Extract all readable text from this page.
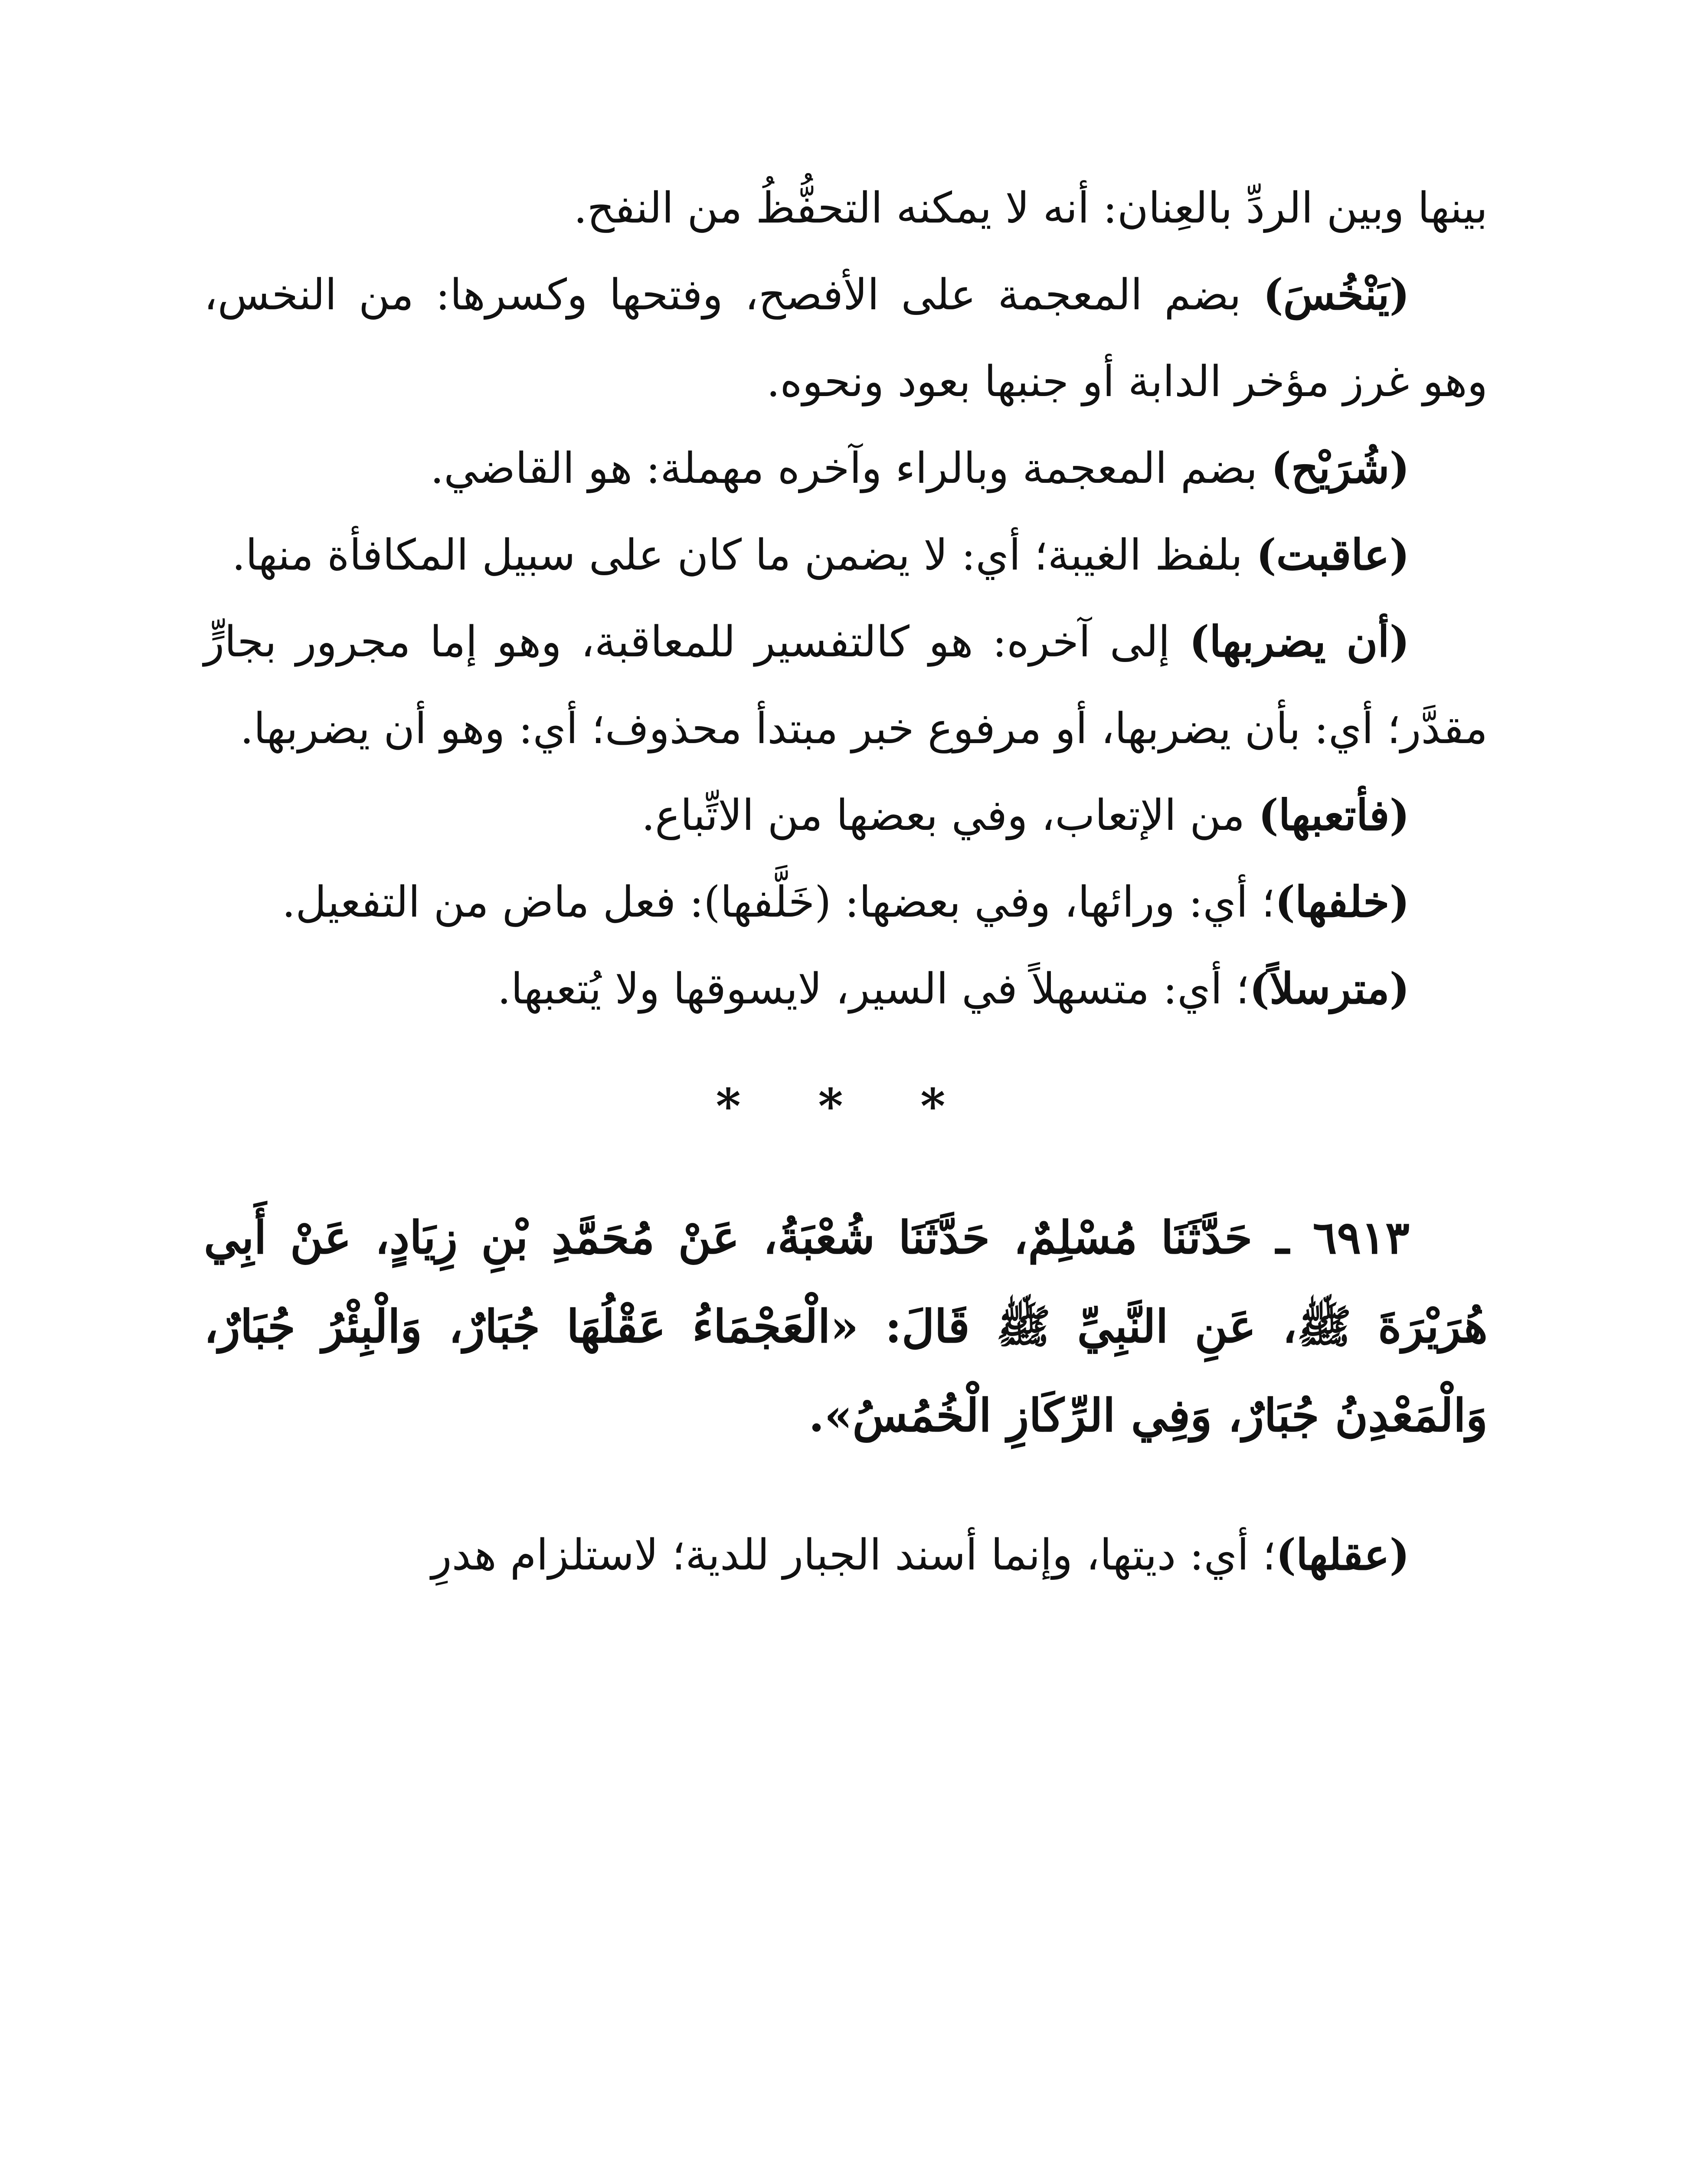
بينها وبين الردِّ بالعِنان: أنه لا يمكنه التحفُّظُ من النفح.

(يَنْخُسَ) بضم المعجمة على الأفصح، وفتحها وكسرها: من النخس، وهو غرز مؤخر الدابة أو جنبها بعود ونحوه.

(شُرَيْح) بضم المعجمة وبالراء وآخره مهملة: هو القاضي.

(عاقبت) بلفظ الغيبة؛ أي: لا يضمن ما كان على سبيل المكافأة منها.

(أن يضربها) إلى آخره: هو كالتفسير للمعاقبة، وهو إما مجرور بجارٍّ مقدَّر؛ أي: بأن يضربها، أو مرفوع خبر مبتدأ محذوف؛ أي: وهو أن يضربها.

(فأتعبها) من الإتعاب، وفي بعضها من الاتِّباع.

(خلفها)؛ أي: ورائها، وفي بعضها: (خَلَّفها): فعل ماض من التفعيل.

(مترسلاً)؛ أي: متسهلاً في السير، لايسوقها ولا يُتعبها.

* * *

٦٩١٣ ـ حَدَّثَنَا مُسْلِمٌ، حَدَّثَنَا شُعْبَةُ، عَنْ مُحَمَّدِ بْنِ زِيَادٍ، عَنْ أَبِي هُرَيْرَةَ ﷺ، عَنِ النَّبِيِّ ﷺ قَالَ: «الْعَجْمَاءُ عَقْلُهَا جُبَارٌ، وَالْبِئْرُ جُبَارٌ، وَالْمَعْدِنُ جُبَارٌ، وَفِي الرِّكَازِ الْخُمُسُ».

(عقلها)؛ أي: ديتها، وإنما أسند الجبار للدية؛ لاستلزام هدرِ
